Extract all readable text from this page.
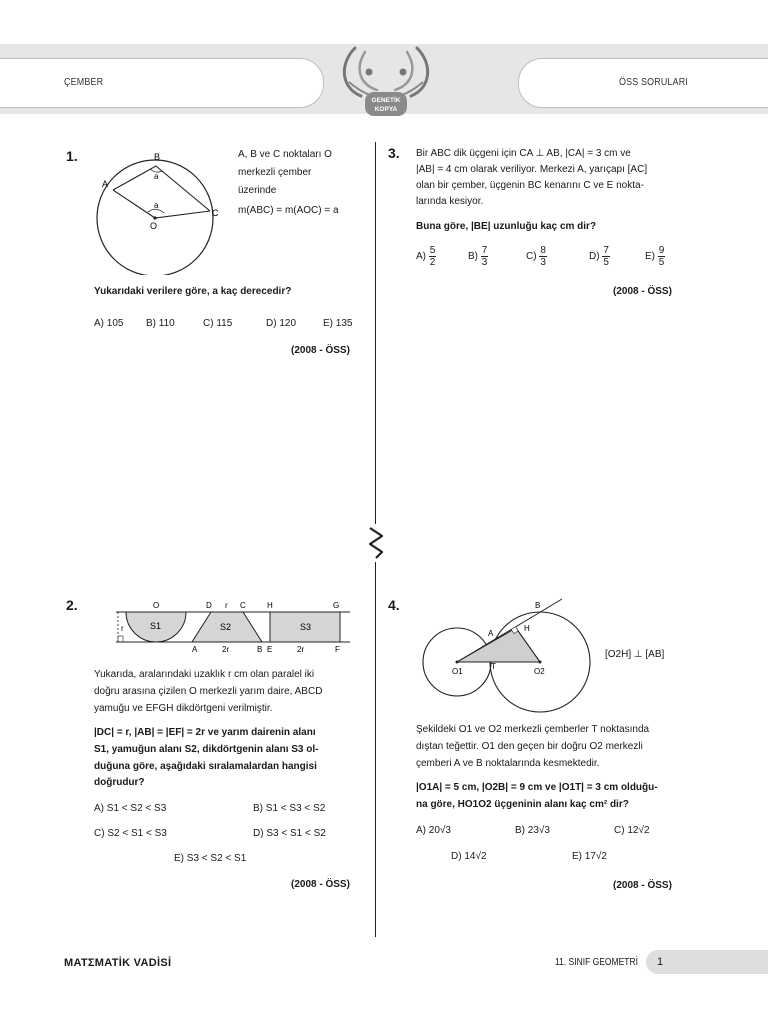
ÇEMBER	ÖSS SORULARI
GENETİK
KOPYA
1.	B
A
C
O
a
a
A, B ve C noktaları O
merkezli çember
üzerinde
m(ABC) = m(AOC) = a
Yukarıdaki verilere göre, a kaç derecedir?
A) 105 B) 110	C) 115	D) 120	E) 135
(2008 - ÖSS)
2.
r
O	D r C	H	G
S1	S2	S3
A	2r	B E	2r	F
Yukarıda, aralarındaki uzaklık r cm olan paralel iki
doğru arasına çizilen O merkezli yarım daire, ABCD
yamuğu ve EFGH dikdörtgeni verilmiştir.
|DC| = r, |AB| = |EF| = 2r ve yarım dairenin alanı
S1, yamuğun alanı S2, dikdörtgenin alanı S3 ol-
duğuna göre, aşağıdaki sıralamalardan hangisi
doğrudur?
A) S1 < S2 < S3	B) S1 < S3 < S2
C) S2 < S1 < S3	D) S3 < S1 < S2
E) S3 < S2 < S1
(2008 - ÖSS)
3. Bir ABC dik üçgeni için CA ⊥ AB, |CA| = 3 cm ve
|AB| = 4 cm olarak veriliyor. Merkezi A, yarıçapı [AC]
olan bir çember, üçgenin BC kenarını C ve E nokta-
larında kesiyor.
Buna göre, |BE| uzunluğu kaç cm dir?
$A) \frac{5}{2}$	$B) \frac{7}{3}$	$C) \frac{8}{3}$	$D) \frac{7}{5}$	$E) \frac{9}{5}$
(2008 - ÖSS)
4.	B
A
H
O1
T
O2
[O2H] ⊥ [AB]
Şekildeki O1 ve O2 merkezli çemberler T noktasında
dıştan teğettir. O1 den geçen bir doğru O2 merkezli
çemberi A ve B noktalarında kesmektedir.
|O1A| = 5 cm, |O2B| = 9 cm ve |O1T| = 3 cm olduğu-
na göre, HO1O2 üçgeninin alanı kaç cm² dir?
A) 20√3	B) 23√3	C) 12√2
D) 14√2	E) 17√2
(2008 - ÖSS)
MATΣMATİK VADİSİ	11. SINIF GEOMETRİ 1
